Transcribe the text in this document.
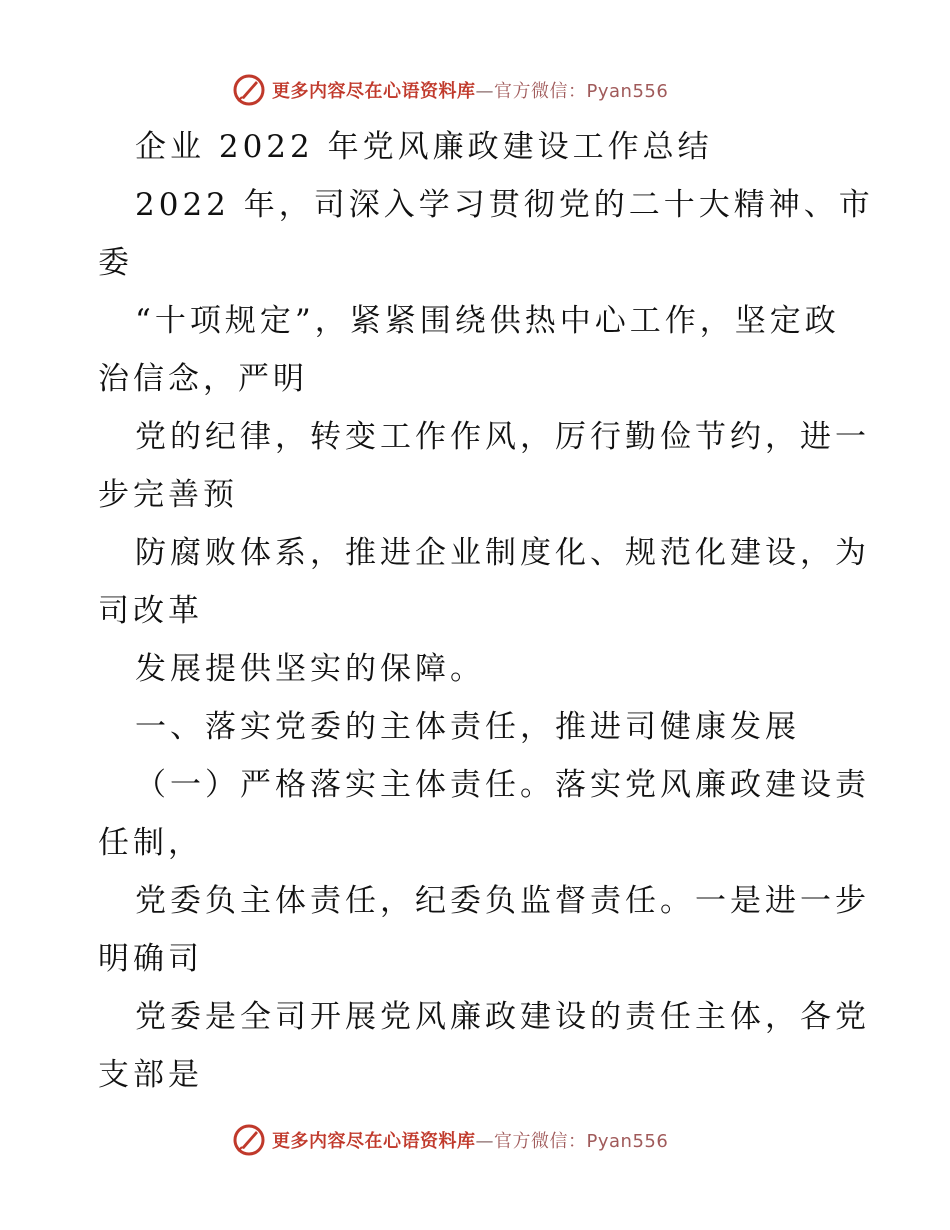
更多内容尽在心语资料库—官方微信：Pyan556

企业 2022 年党风廉政建设工作总结

2022 年，司深入学习贯彻党的二十大精神、市

委

“十项规定”，紧紧围绕供热中心工作，坚定政

治信念，严明

党的纪律，转变工作作风，厉行勤俭节约，进一

步完善预

防腐败体系，推进企业制度化、规范化建设，为

司改革

发展提供坚实的保障。

一、落实党委的主体责任，推进司健康发展

（一）严格落实主体责任。落实党风廉政建设责

任制，

党委负主体责任，纪委负监督责任。一是进一步

明确司

党委是全司开展党风廉政建设的责任主体，各党

支部是

更多内容尽在心语资料库—官方微信：Pyan556
